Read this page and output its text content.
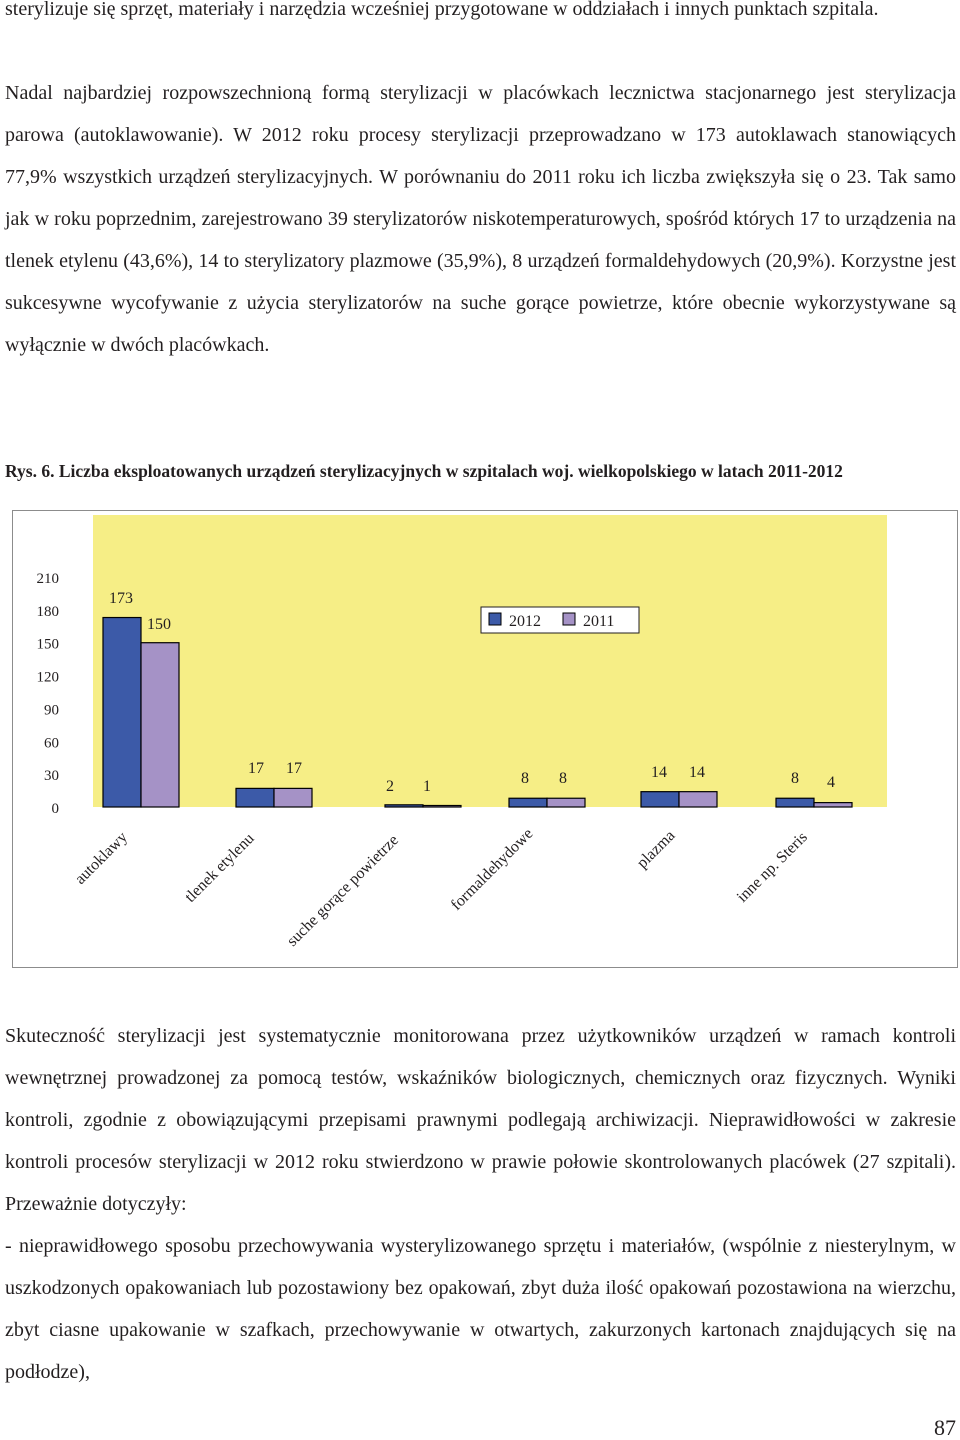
sterylizuje się sprzęt, materiały i narzędzia wcześniej przygotowane w oddziałach i innych punktach szpitala.

Nadal najbardziej rozpowszechnioną formą sterylizacji w placówkach lecznictwa stacjonarnego jest sterylizacja parowa (autoklawowanie). W 2012 roku procesy sterylizacji przeprowadzano w 173 autoklawach stanowiących 77,9% wszystkich urządzeń sterylizacyjnych. W porównaniu do 2011 roku ich liczba zwiększyła się o 23. Tak samo jak w roku poprzednim, zarejestrowano 39 sterylizatorów niskotemperaturowych, spośród których 17 to urządzenia na tlenek etylenu (43,6%), 14 to sterylizatory plazmowe (35,9%), 8 urządzeń formaldehydowych (20,9%). Korzystne jest sukcesywne wycofywanie z użycia sterylizatorów na suche gorące powietrze, które obecnie wykorzystywane są wyłącznie w dwóch placówkach.

Rys. 6. Liczba eksploatowanych urządzeń sterylizacyjnych w szpitalach woj. wielkopolskiego w latach 2011-2012

0
30
60
90
120
150
180
210
173
150
17 17
2 1	8 8	14 14	8 4
autoklawy	tlenek etylenu suche gorące powietrze	formaldehydowe	plazma	inne np. Steris
2012	2011

Skuteczność sterylizacji jest systematycznie monitorowana przez użytkowników urządzeń w ramach kontroli wewnętrznej prowadzonej za pomocą testów, wskaźników biologicznych, chemicznych oraz fizycznych. Wyniki kontroli, zgodnie z obowiązującymi przepisami prawnymi podlegają archiwizacji. Nieprawidłowości w zakresie kontroli procesów sterylizacji w 2012 roku stwierdzono w prawie połowie skontrolowanych placówek (27 szpitali). Przeważnie dotyczyły:

- nieprawidłowego sposobu przechowywania wysterylizowanego sprzętu i materiałów, (wspólnie z niesterylnym, w uszkodzonych opakowaniach lub pozostawiony bez opakowań, zbyt duża ilość opakowań pozostawiona na wierzchu, zbyt ciasne upakowanie w szafkach, przechowywanie w otwartych, zakurzonych kartonach znajdujących się na podłodze),

87
